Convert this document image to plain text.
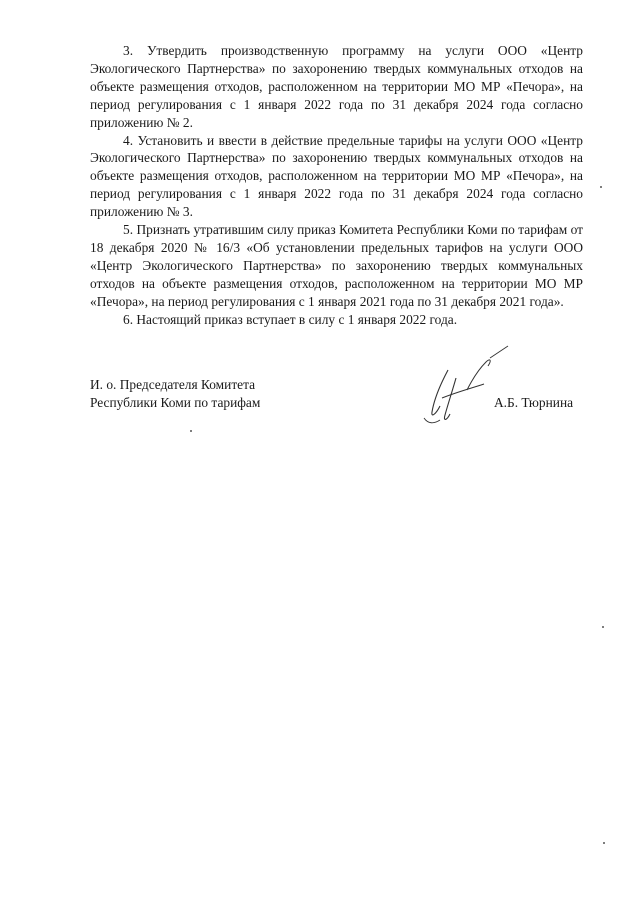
3. Утвердить производственную программу на услуги ООО «Центр Экологического Партнерства» по захоронению твердых коммунальных отходов на объекте размещения отходов, расположенном на территории МО МР «Печора», на период регулирования с 1 января 2022 года по 31 декабря 2024 года согласно приложению № 2.

4. Установить и ввести в действие предельные тарифы на услуги ООО «Центр Экологического Партнерства» по захоронению твердых коммунальных отходов на объекте размещения отходов, расположенном на территории МО МР «Печора», на период регулирования с 1 января 2022 года по 31 декабря 2024 года согласно приложению № 3.

5. Признать утратившим силу приказ Комитета Республики Коми по тарифам от 18 декабря 2020 № 16/3 «Об установлении предельных тарифов на услуги ООО «Центр Экологического Партнерства» по захоронению твердых коммунальных отходов на объекте размещения отходов, расположенном на территории МО МР «Печора», на период регулирования с 1 января 2021 года по 31 декабря 2021 года».

6. Настоящий приказ вступает в силу с 1 января 2022 года.

И. о. Председателя Комитета
Республики Коми по тарифам	А.Б. Тюрнина
